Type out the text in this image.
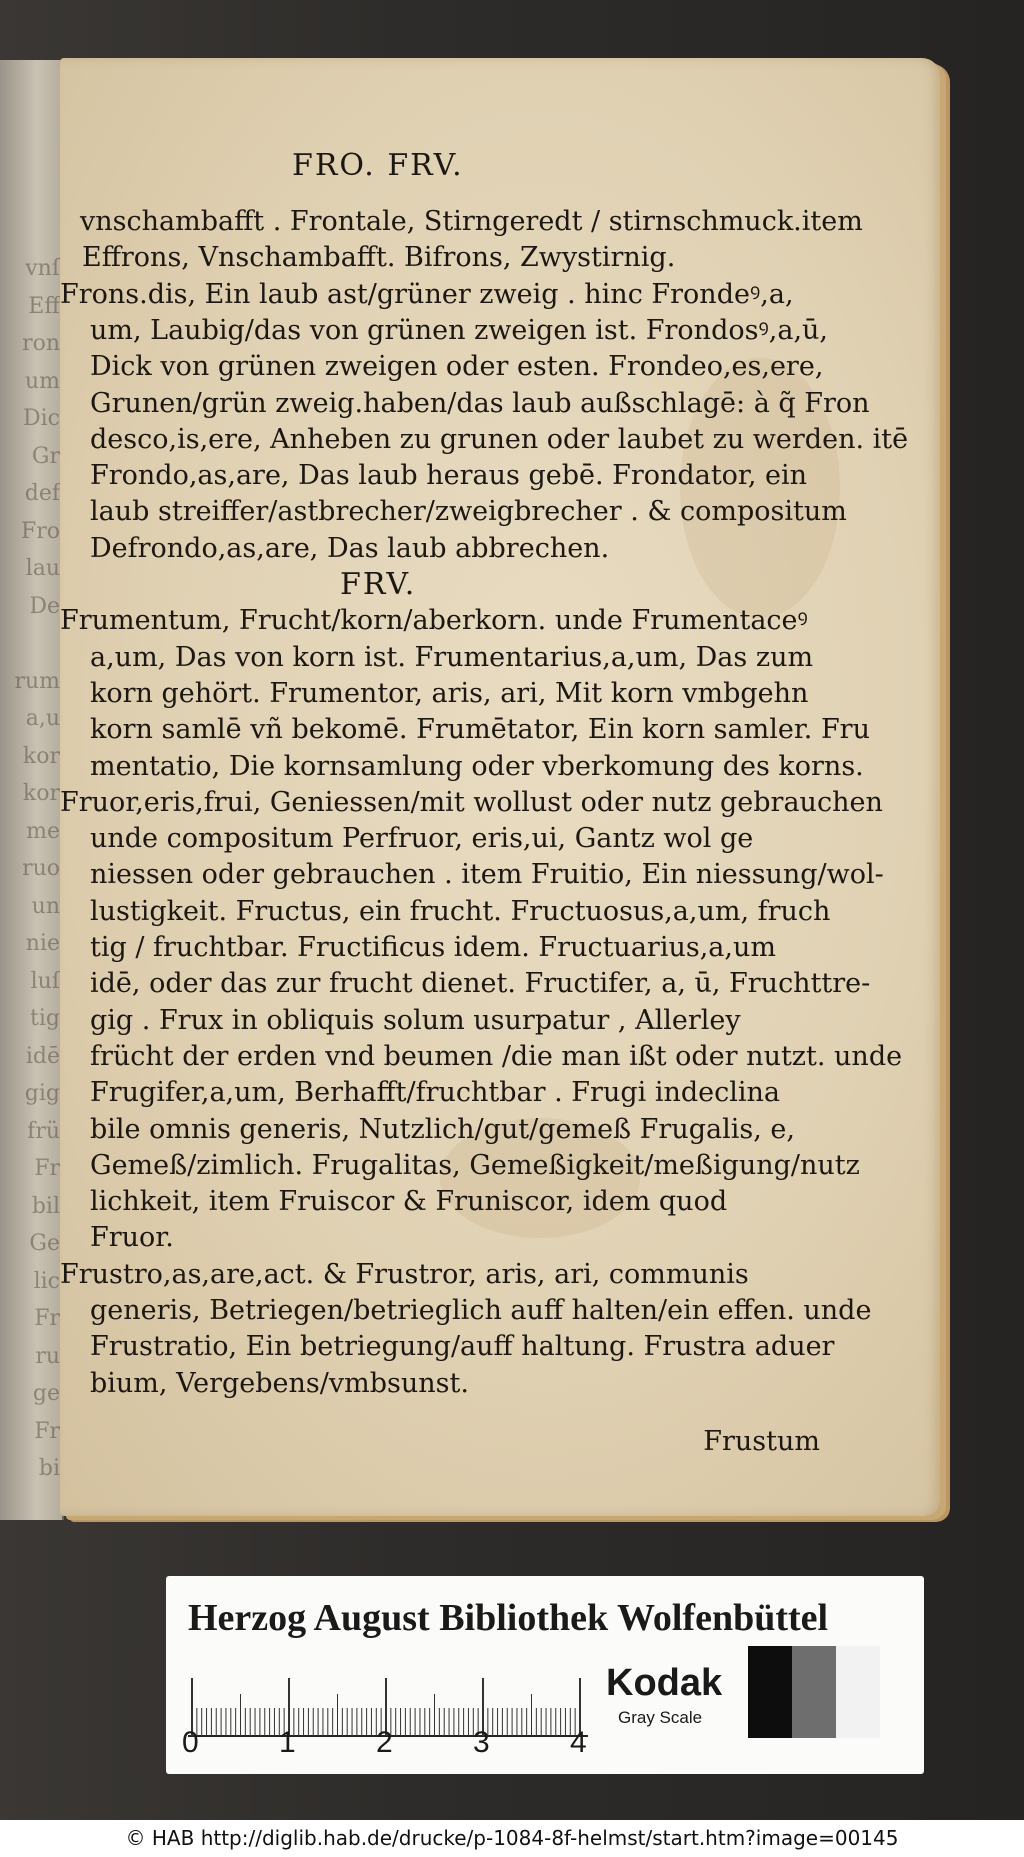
vnſ
Eff
ron
um
Dic
Gr
def
Fro
lau
De

rum
a,u
kor
kor
me
ruo
un
nie
luſ
tig
idē
gig
frü
Fr
bil
Ge
lic
Fr
ru
ge
Fr
bi
FRO. FRV.
vnschambafft . Frontale, Stirngeredt / stirnschmuck.item
Effrons, Vnschambafft. Bifrons, Zwystirnig.
Frons.dis, Ein laub ast/grüner zweig . hinc Frondeꝰ,a,
um, Laubig/das von grünen zweigen ist. Frondosꝰ,a,ū,
Dick von grünen zweigen oder esten. Frondeo,es,ere,
Grunen/grün zweig.haben/das laub außschlagē: à q̃ Fron
desco,is,ere, Anheben zu grunen oder laubet zu werden. itē
Frondo,as,are, Das laub heraus gebē. Frondator, ein
laub streiffer/astbrecher/zweigbrecher . & compositum
Defrondo,as,are, Das laub abbrechen.
FRV.
Frumentum, Frucht/korn/aberkorn. unde Frumentaceꝰ
a,um, Das von korn ist. Frumentarius,a,um, Das zum
korn gehört. Frumentor, aris, ari, Mit korn vmbgehn
korn samlē vñ bekomē. Frumētator, Ein korn samler. Fru
mentatio, Die kornsamlung oder vberkomung des korns.
Fruor,eris,frui, Geniessen/mit wollust oder nutz gebrauchen
unde compositum Perfruor, eris,ui, Gantz wol ge
niessen oder gebrauchen . item Fruitio, Ein niessung/wol-
lustigkeit. Fructus, ein frucht. Fructuosus,a,um, fruch
tig / fruchtbar. Fructificus idem. Fructuarius,a,um
idē, oder das zur frucht dienet. Fructifer, a, ū, Fruchttre-
gig . Frux in obliquis solum usurpatur , Allerley
frücht der erden vnd beumen /die man ißt oder nutzt. unde
Frugifer,a,um, Berhafft/fruchtbar . Frugi indeclina
bile omnis generis, Nutzlich/gut/gemeß Frugalis, e,
Gemeß/zimlich. Frugalitas, Gemeßigkeit/meßigung/nutz
lichkeit, item Fruiscor & Fruniscor, idem quod
Fruor.
Frustro,as,are,act. & Frustror, aris, ari, communis
generis, Betriegen/betrieglich auff halten/ein effen. unde
Frustratio, Ein betriegung/auff haltung. Frustra aduer
bium, Vergebens/vmbsunst.
Frustum
Herzog August Bibliothek Wolfenbüttel
0	1	2	3	4
Kodak
Gray Scale
© HAB http://diglib.hab.de/drucke/p-1084-8f-helmst/start.htm?image=00145
